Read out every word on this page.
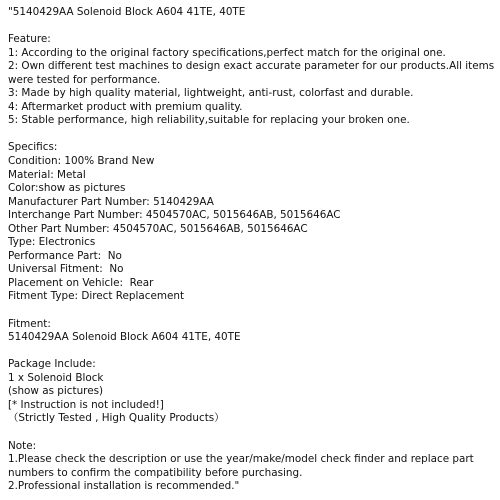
"5140429AA Solenoid Block A604 41TE, 40TE
Feature:
1: According to the original factory specifications,perfect match for the original one.
2: Own different test machines to design exact accurate parameter for our products.All items were tested for performance.
3: Made by high quality material, lightweight, anti-rust, colorfast and durable.
4: Aftermarket product with premium quality.
5: Stable performance, high reliability,suitable for replacing your broken one.
Specifics:
Condition: 100% Brand New
Material: Metal
Color:show as pictures
Manufacturer Part Number: 5140429AA
Interchange Part Number: 4504570AC, 5015646AB, 5015646AC
Other Part Number: 4504570AC, 5015646AB, 5015646AC
Type: Electronics
Performance Part:  No
Universal Fitment:  No
Placement on Vehicle:  Rear
Fitment Type: Direct Replacement
Fitment:
5140429AA Solenoid Block A604 41TE, 40TE
Package Include:
1 x Solenoid Block
(show as pictures)
[* Instruction is not included!]
（Strictly Tested , High Quality Products）
Note:
1.Please check the description or use the year/make/model check finder and replace part numbers to confirm the compatibility before purchasing.
2.Professional installation is recommended."
